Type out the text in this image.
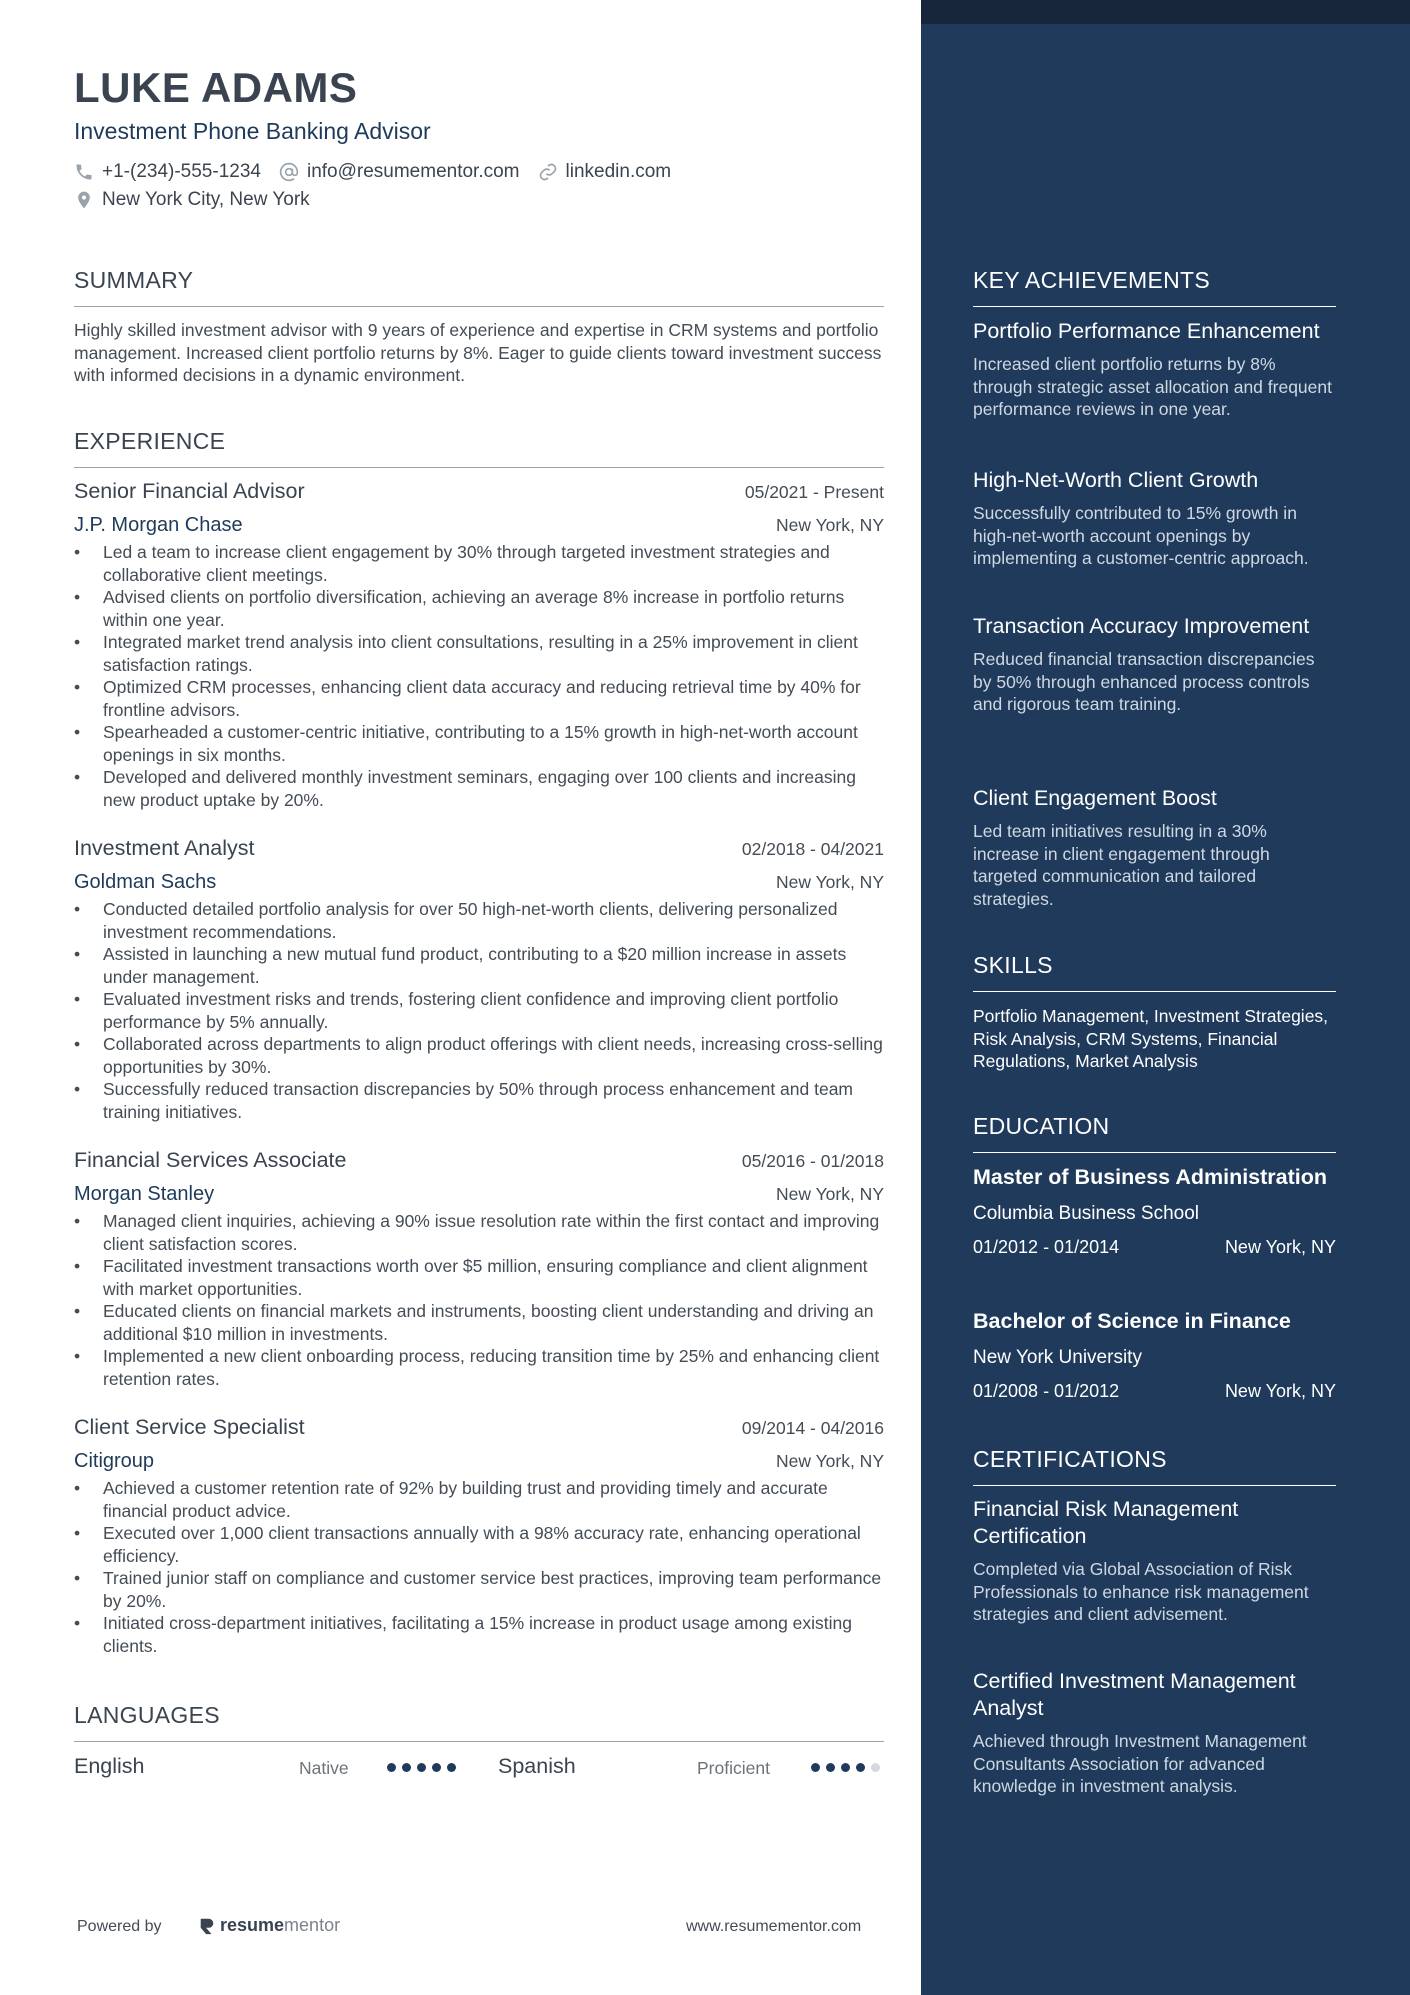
LUKE ADAMS
Investment Phone Banking Advisor
+1-(234)-555-1234 info@resumementor.com linkedin.com
New York City, New York
SUMMARY
Highly skilled investment advisor with 9 years of experience and expertise in CRM systems and portfolio management. Increased client portfolio returns by 8%. Eager to guide clients toward investment success with informed decisions in a dynamic environment.
EXPERIENCE
Senior Financial Advisor	05/2021 - Present
J.P. Morgan Chase	New York, NY
• Led a team to increase client engagement by 30% through targeted investment strategies and collaborative client meetings.
• Advised clients on portfolio diversification, achieving an average 8% increase in portfolio returns within one year.
• Integrated market trend analysis into client consultations, resulting in a 25% improvement in client satisfaction ratings.
• Optimized CRM processes, enhancing client data accuracy and reducing retrieval time by 40% for frontline advisors.
• Spearheaded a customer-centric initiative, contributing to a 15% growth in high-net-worth account openings in six months.
• Developed and delivered monthly investment seminars, engaging over 100 clients and increasing new product uptake by 20%.
Investment Analyst	02/2018 - 04/2021
Goldman Sachs	New York, NY
• Conducted detailed portfolio analysis for over 50 high-net-worth clients, delivering personalized investment recommendations.
• Assisted in launching a new mutual fund product, contributing to a $20 million increase in assets under management.
• Evaluated investment risks and trends, fostering client confidence and improving client portfolio performance by 5% annually.
• Collaborated across departments to align product offerings with client needs, increasing cross-selling opportunities by 30%.
• Successfully reduced transaction discrepancies by 50% through process enhancement and team training initiatives.
Financial Services Associate	05/2016 - 01/2018
Morgan Stanley	New York, NY
• Managed client inquiries, achieving a 90% issue resolution rate within the first contact and improving client satisfaction scores.
• Facilitated investment transactions worth over $5 million, ensuring compliance and client alignment with market opportunities.
• Educated clients on financial markets and instruments, boosting client understanding and driving an additional $10 million in investments.
• Implemented a new client onboarding process, reducing transition time by 25% and enhancing client retention rates.
Client Service Specialist	09/2014 - 04/2016
Citigroup	New York, NY
• Achieved a customer retention rate of 92% by building trust and providing timely and accurate financial product advice.
• Executed over 1,000 client transactions annually with a 98% accuracy rate, enhancing operational efficiency.
• Trained junior staff on compliance and customer service best practices, improving team performance by 20%.
• Initiated cross-department initiatives, facilitating a 15% increase in product usage among existing clients.
LANGUAGES
English	Native	Spanish	Proficient
Powered by	resume mentor	www.resumementor.com
KEY ACHIEVEMENTS
Portfolio Performance Enhancement
Increased client portfolio returns by 8% through strategic asset allocation and frequent performance reviews in one year.
High-Net-Worth Client Growth
Successfully contributed to 15% growth in high-net-worth account openings by implementing a customer-centric approach.
Transaction Accuracy Improvement
Reduced financial transaction discrepancies by 50% through enhanced process controls and rigorous team training.
Client Engagement Boost
Led team initiatives resulting in a 30% increase in client engagement through targeted communication and tailored strategies.
SKILLS
Portfolio Management, Investment Strategies, Risk Analysis, CRM Systems, Financial Regulations, Market Analysis
EDUCATION
Master of Business Administration
Columbia Business School
01/2012 - 01/2014	New York, NY
Bachelor of Science in Finance
New York University
01/2008 - 01/2012	New York, NY
CERTIFICATIONS
Financial Risk Management Certification
Completed via Global Association of Risk Professionals to enhance risk management strategies and client advisement.
Certified Investment Management Analyst
Achieved through Investment Management Consultants Association for advanced knowledge in investment analysis.
